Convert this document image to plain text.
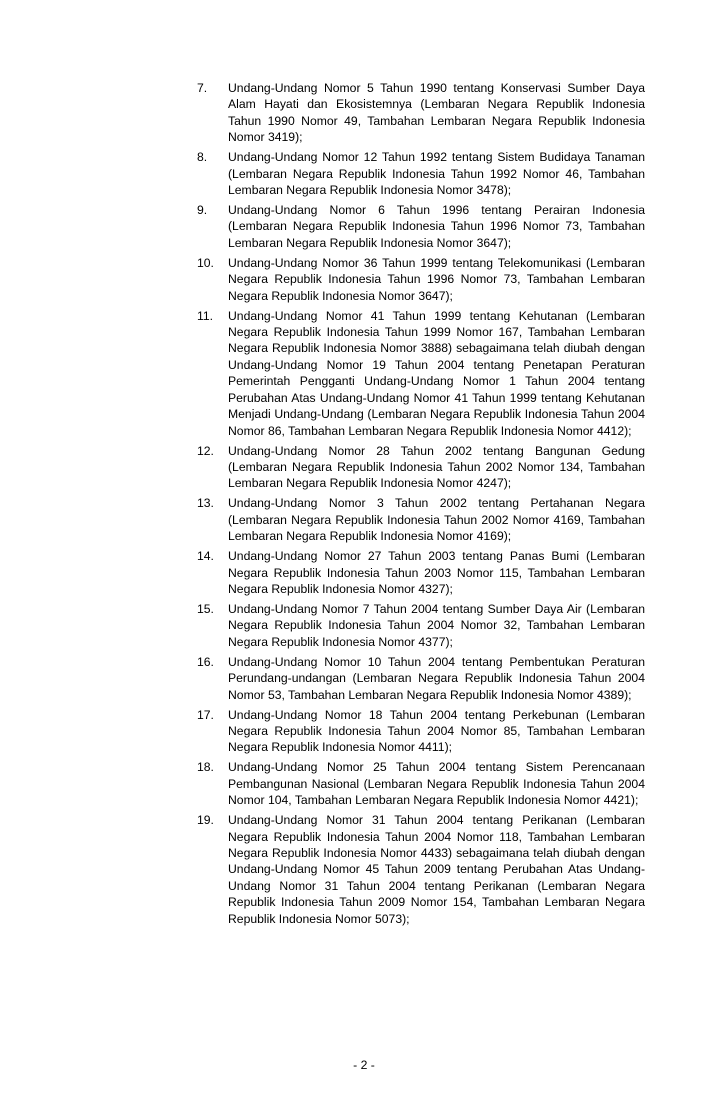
7.	Undang-Undang Nomor 5 Tahun 1990 tentang Konservasi Sumber Daya Alam Hayati dan Ekosistemnya (Lembaran Negara Republik Indonesia Tahun 1990 Nomor 49, Tambahan Lembaran Negara Republik Indonesia Nomor 3419);
8.	Undang-Undang Nomor 12 Tahun 1992 tentang Sistem Budidaya Tanaman (Lembaran Negara Republik Indonesia Tahun 1992 Nomor 46, Tambahan Lembaran Negara Republik Indonesia Nomor 3478);
9.	Undang-Undang Nomor 6 Tahun 1996 tentang Perairan Indonesia (Lembaran Negara Republik Indonesia Tahun 1996 Nomor 73, Tambahan Lembaran Negara Republik Indonesia Nomor 3647);
10.	Undang-Undang Nomor 36 Tahun 1999 tentang Telekomunikasi (Lembaran Negara Republik Indonesia Tahun 1996 Nomor 73, Tambahan Lembaran Negara Republik Indonesia Nomor 3647);
11.	Undang-Undang Nomor 41 Tahun 1999 tentang Kehutanan (Lembaran Negara Republik Indonesia Tahun 1999 Nomor 167, Tambahan Lembaran Negara Republik Indonesia Nomor 3888) sebagaimana telah diubah dengan Undang-Undang Nomor 19 Tahun 2004 tentang Penetapan Peraturan Pemerintah Pengganti Undang-Undang Nomor 1 Tahun 2004 tentang Perubahan Atas Undang-Undang Nomor 41 Tahun 1999 tentang Kehutanan Menjadi Undang-Undang (Lembaran Negara Republik Indonesia Tahun 2004 Nomor 86, Tambahan Lembaran Negara Republik Indonesia Nomor 4412);
12.	Undang-Undang Nomor 28 Tahun 2002 tentang Bangunan Gedung (Lembaran Negara Republik Indonesia Tahun 2002 Nomor 134, Tambahan Lembaran Negara Republik Indonesia Nomor 4247);
13.	Undang-Undang Nomor 3 Tahun 2002 tentang Pertahanan Negara (Lembaran Negara Republik Indonesia Tahun 2002 Nomor 4169, Tambahan Lembaran Negara Republik Indonesia Nomor 4169);
14.	Undang-Undang Nomor 27 Tahun 2003 tentang Panas Bumi (Lembaran Negara Republik Indonesia Tahun 2003 Nomor 115, Tambahan Lembaran Negara Republik Indonesia Nomor 4327);
15.	Undang-Undang Nomor 7 Tahun 2004 tentang Sumber Daya Air (Lembaran Negara Republik Indonesia Tahun 2004 Nomor 32, Tambahan Lembaran Negara Republik Indonesia Nomor 4377);
16.	Undang-Undang Nomor 10 Tahun 2004 tentang Pembentukan Peraturan Perundang-undangan (Lembaran Negara Republik Indonesia Tahun 2004 Nomor 53, Tambahan Lembaran Negara Republik Indonesia Nomor 4389);
17.	Undang-Undang Nomor 18 Tahun 2004 tentang Perkebunan (Lembaran Negara Republik Indonesia Tahun 2004 Nomor 85, Tambahan Lembaran Negara Republik Indonesia Nomor 4411);
18.	Undang-Undang Nomor 25 Tahun 2004 tentang Sistem Perencanaan Pembangunan Nasional (Lembaran Negara Republik Indonesia Tahun 2004 Nomor 104, Tambahan Lembaran Negara Republik Indonesia Nomor 4421);
19.	Undang-Undang Nomor 31 Tahun 2004 tentang Perikanan (Lembaran Negara Republik Indonesia Tahun 2004 Nomor 118, Tambahan Lembaran Negara Republik Indonesia Nomor 4433) sebagaimana telah diubah dengan Undang-Undang Nomor 45 Tahun 2009 tentang Perubahan Atas Undang-Undang Nomor 31 Tahun 2004 tentang Perikanan (Lembaran Negara Republik Indonesia Tahun 2009 Nomor 154, Tambahan Lembaran Negara Republik Indonesia Nomor 5073);
- 2 -
